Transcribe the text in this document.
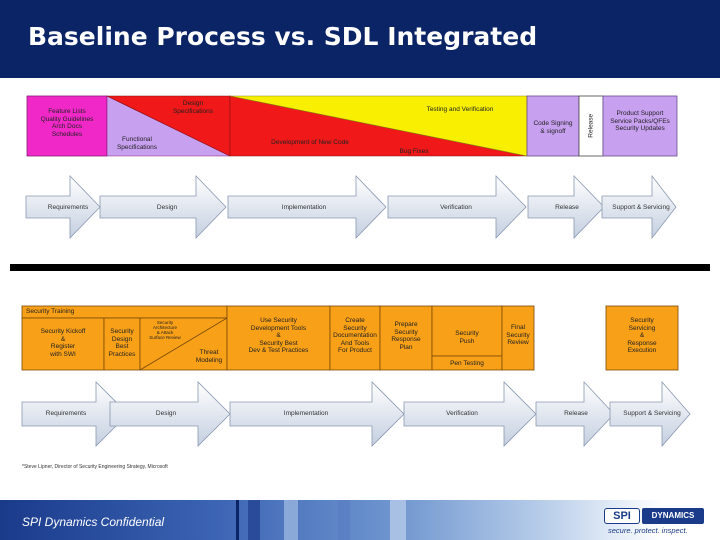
Baseline Process vs. SDL Integrated
Feature Lists
Quality Guidelines
Arch Docs
Schedules
Design
Specifications
Functional
Specifications
Testing and Verification
Development of New Code
Bug Fixes
Code Signing
& signoff	Release
Product Support
Service Packs/QFEs
Security Updates
Requirements	Design	Implementation	Verification	Release	Support & Servicing
Security Training
Security Kickoff
&
Register
with SWI
Security
Design
Best
Practices
Security
Architecture
& Attack
Surface Review
Threat
Modeling
Use Security
Development Tools
&
Security Best
Dev & Test Practices
Create
Security
Documentation
And Tools
For Product
Prepare
Security
Response
Plan
Security
Push
Pen Testing
Final
Security
Review
Security
Servicing
&
Response
Execution
Requirements	Design	Implementation	Verification	Release	Support & Servicing
*Steve Lipner, Director of Security Engineering Strategy, Microsoft
SPI Dynamics Confidential	SPI	DYNAMICS
secure. protect. inspect.
